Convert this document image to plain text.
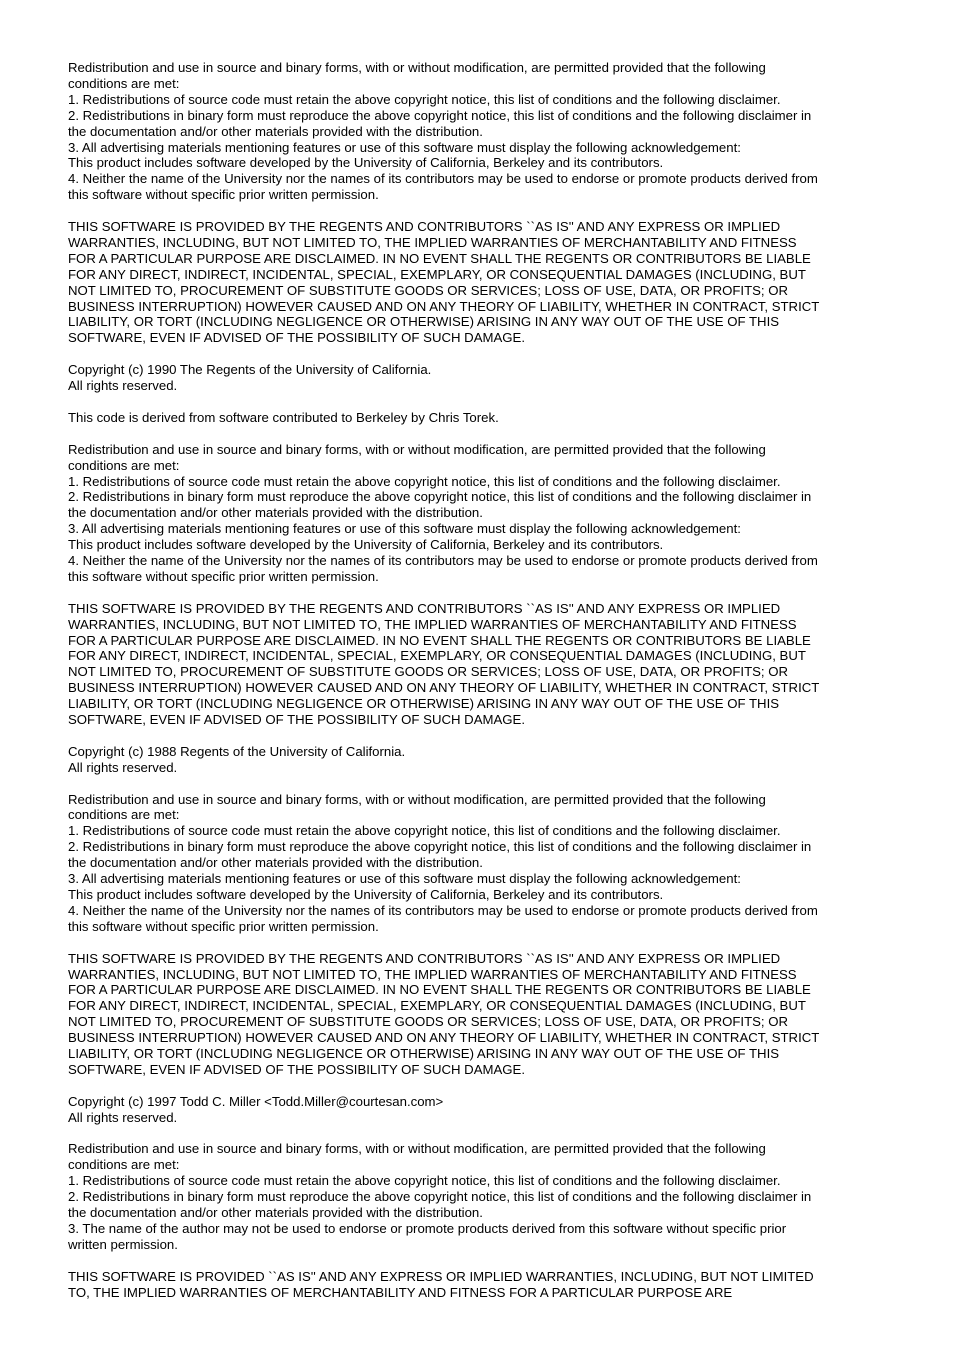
Redistribution and use in source and binary forms, with or without modification, are permitted provided that the following
conditions are met:
1. Redistributions of source code must retain the above copyright notice, this list of conditions and the following disclaimer.
2. Redistributions in binary form must reproduce the above copyright notice, this list of conditions and the following disclaimer in
the documentation and/or other materials provided with the distribution.
3. All advertising materials mentioning features or use of this software must display the following acknowledgement:
This product includes software developed by the University of California, Berkeley and its contributors.
4. Neither the name of the University nor the names of its contributors may be used to endorse or promote products derived from
this software without specific prior written permission.
THIS SOFTWARE IS PROVIDED BY THE REGENTS AND CONTRIBUTORS ``AS IS'' AND ANY EXPRESS OR IMPLIED
WARRANTIES, INCLUDING, BUT NOT LIMITED TO, THE IMPLIED WARRANTIES OF MERCHANTABILITY AND FITNESS
FOR A PARTICULAR PURPOSE ARE DISCLAIMED. IN NO EVENT SHALL THE REGENTS OR CONTRIBUTORS BE LIABLE
FOR ANY DIRECT, INDIRECT, INCIDENTAL, SPECIAL, EXEMPLARY, OR CONSEQUENTIAL DAMAGES (INCLUDING, BUT
NOT LIMITED TO, PROCUREMENT OF SUBSTITUTE GOODS OR SERVICES; LOSS OF USE, DATA, OR PROFITS; OR
BUSINESS INTERRUPTION) HOWEVER CAUSED AND ON ANY THEORY OF LIABILITY, WHETHER IN CONTRACT, STRICT
LIABILITY, OR TORT (INCLUDING NEGLIGENCE OR OTHERWISE) ARISING IN ANY WAY OUT OF THE USE OF THIS
SOFTWARE, EVEN IF ADVISED OF THE POSSIBILITY OF SUCH DAMAGE.
Copyright (c) 1990 The Regents of the University of California.
All rights reserved.
This code is derived from software contributed to Berkeley by Chris Torek.
Redistribution and use in source and binary forms, with or without modification, are permitted provided that the following
conditions are met:
1. Redistributions of source code must retain the above copyright notice, this list of conditions and the following disclaimer.
2. Redistributions in binary form must reproduce the above copyright notice, this list of conditions and the following disclaimer in
the documentation and/or other materials provided with the distribution.
3. All advertising materials mentioning features or use of this software must display the following acknowledgement:
This product includes software developed by the University of California, Berkeley and its contributors.
4. Neither the name of the University nor the names of its contributors may be used to endorse or promote products derived from
this software without specific prior written permission.
THIS SOFTWARE IS PROVIDED BY THE REGENTS AND CONTRIBUTORS ``AS IS'' AND ANY EXPRESS OR IMPLIED
WARRANTIES, INCLUDING, BUT NOT LIMITED TO, THE IMPLIED WARRANTIES OF MERCHANTABILITY AND FITNESS
FOR A PARTICULAR PURPOSE ARE DISCLAIMED. IN NO EVENT SHALL THE REGENTS OR CONTRIBUTORS BE LIABLE
FOR ANY DIRECT, INDIRECT, INCIDENTAL, SPECIAL, EXEMPLARY, OR CONSEQUENTIAL DAMAGES (INCLUDING, BUT
NOT LIMITED TO, PROCUREMENT OF SUBSTITUTE GOODS OR SERVICES; LOSS OF USE, DATA, OR PROFITS; OR
BUSINESS INTERRUPTION) HOWEVER CAUSED AND ON ANY THEORY OF LIABILITY, WHETHER IN CONTRACT, STRICT
LIABILITY, OR TORT (INCLUDING NEGLIGENCE OR OTHERWISE) ARISING IN ANY WAY OUT OF THE USE OF THIS
SOFTWARE, EVEN IF ADVISED OF THE POSSIBILITY OF SUCH DAMAGE.
Copyright (c) 1988 Regents of the University of California.
All rights reserved.
Redistribution and use in source and binary forms, with or without modification, are permitted provided that the following
conditions are met:
1. Redistributions of source code must retain the above copyright notice, this list of conditions and the following disclaimer.
2. Redistributions in binary form must reproduce the above copyright notice, this list of conditions and the following disclaimer in
the documentation and/or other materials provided with the distribution.
3. All advertising materials mentioning features or use of this software must display the following acknowledgement:
This product includes software developed by the University of California, Berkeley and its contributors.
4. Neither the name of the University nor the names of its contributors may be used to endorse or promote products derived from
this software without specific prior written permission.
THIS SOFTWARE IS PROVIDED BY THE REGENTS AND CONTRIBUTORS ``AS IS'' AND ANY EXPRESS OR IMPLIED
WARRANTIES, INCLUDING, BUT NOT LIMITED TO, THE IMPLIED WARRANTIES OF MERCHANTABILITY AND FITNESS
FOR A PARTICULAR PURPOSE ARE DISCLAIMED. IN NO EVENT SHALL THE REGENTS OR CONTRIBUTORS BE LIABLE
FOR ANY DIRECT, INDIRECT, INCIDENTAL, SPECIAL, EXEMPLARY, OR CONSEQUENTIAL DAMAGES (INCLUDING, BUT
NOT LIMITED TO, PROCUREMENT OF SUBSTITUTE GOODS OR SERVICES; LOSS OF USE, DATA, OR PROFITS; OR
BUSINESS INTERRUPTION) HOWEVER CAUSED AND ON ANY THEORY OF LIABILITY, WHETHER IN CONTRACT, STRICT
LIABILITY, OR TORT (INCLUDING NEGLIGENCE OR OTHERWISE) ARISING IN ANY WAY OUT OF THE USE OF THIS
SOFTWARE, EVEN IF ADVISED OF THE POSSIBILITY OF SUCH DAMAGE.
Copyright (c) 1997 Todd C. Miller <Todd.Miller@courtesan.com>
All rights reserved.
Redistribution and use in source and binary forms, with or without modification, are permitted provided that the following
conditions are met:
1. Redistributions of source code must retain the above copyright notice, this list of conditions and the following disclaimer.
2. Redistributions in binary form must reproduce the above copyright notice, this list of conditions and the following disclaimer in
the documentation and/or other materials provided with the distribution.
3. The name of the author may not be used to endorse or promote products derived from this software without specific prior
written permission.
THIS SOFTWARE IS PROVIDED ``AS IS'' AND ANY EXPRESS OR IMPLIED WARRANTIES, INCLUDING, BUT NOT LIMITED
TO, THE IMPLIED WARRANTIES OF MERCHANTABILITY AND FITNESS FOR A PARTICULAR PURPOSE ARE
